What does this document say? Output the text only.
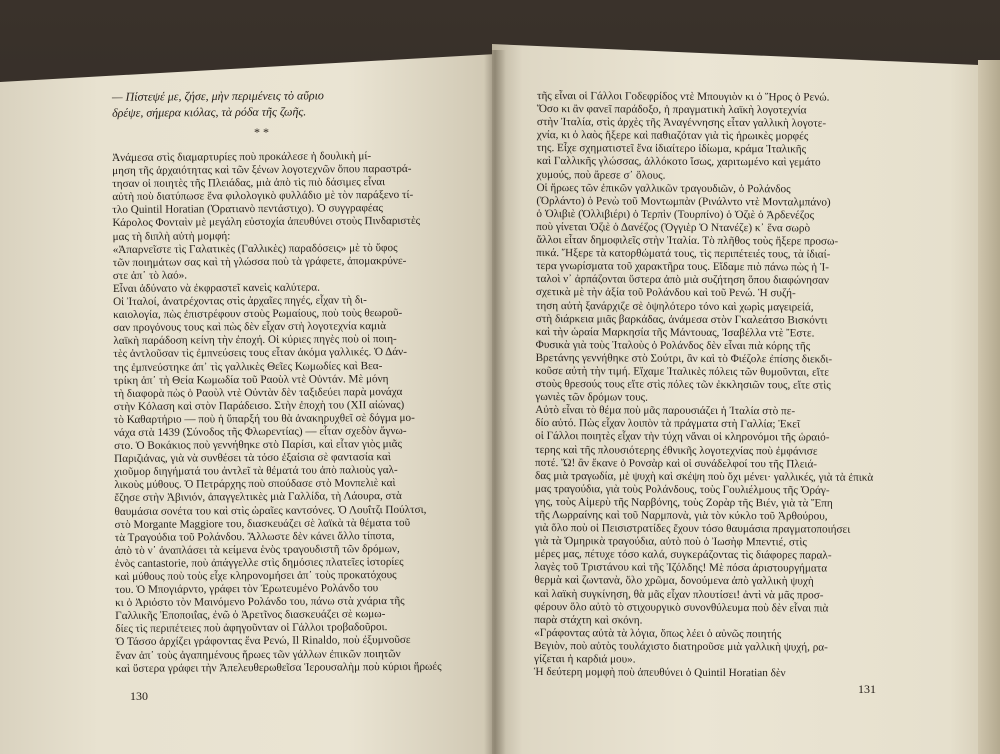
— Πίστεψέ με, ζήσε, μὴν περιμένεις τὸ αὔριο

δρέψε, σήμερα κιόλας, τὰ ρόδα τῆς ζωῆς.

* *

Ἀνάμεσα στὶς διαμαρτυρίες ποὺ προκάλεσε ἡ δουλικὴ μί-

μηση τῆς ἀρχαιότητας καὶ τῶν ξένων λογοτεχνῶν ὅπου παραστρά-

τησαν οἱ ποιητὲς τῆς Πλειάδας, μιὰ ἀπὸ τὶς πιὸ δάσιμες εἶναι

αὐτὴ ποὺ διατύπωσε ἕνα φιλολογικὸ φυλλάδιο μὲ τὸν παράξενο τί-

τλο Quintil Horatian (Ὀρατιανὸ πεντάστιχο). Ὁ συγγραφέας

Κάρολος Φονταὶν μὲ μεγάλη εὐστοχία ἀπευθύνει στοὺς Πινδαριστὲς

μας τὴ διπλὴ αὐτὴ μομφή:

«Ἀπαρνεῖστε τὶς Γαλατικὲς (Γαλλικὲς) παραδόσεις» μὲ τὸ ὕφος

τῶν ποιημάτων σας καὶ τὴ γλώσσα ποὺ τὰ γράφετε, ἀπομακρύνε-

στε ἀπ᾿ τὸ λαό».

Εἶναι ἀδύνατο νὰ ἐκφραστεῖ κανεὶς καλύτερα.

Οἱ Ἰταλοί, ἀνατρέχοντας στὶς ἀρχαῖες πηγές, εἶχαν τὴ δι-

καιολογία, πὼς ἐπιστρέφουν στοὺς Ρωμαίους, ποὺ τοὺς θεωροῦ-

σαν προγόνους τους καὶ πὼς δὲν εἶχαν στὴ λογοτεχνία καμιὰ

λαϊκὴ παράδοση κείνη τὴν ἐποχή. Οἱ κύριες πηγὲς ποὺ οἱ ποιη-

τὲς ἀντλοῦσαν τὶς ἐμπνεύσεις τους εἶταν ἀκόμα γαλλικές. Ὁ Δάν-

της ἐμπνεύστηκε ἀπ᾿ τὶς γαλλικὲς Θεῖες Κωμωδίες καὶ Βεα-

τρίκη ἀπ᾿ τὴ Θεία Κωμωδία τοῦ Ραοὺλ ντὲ Οὐντάν. Μὲ μόνη

τὴ διαφορὰ πὼς ὁ Ραοὺλ ντὲ Οὐντὰν δὲν ταξιδεύει παρὰ μονάχα

στὴν Κόλαση καὶ στὸν Παράδεισο. Στὴν ἐποχὴ του (ΧΙΙ αἰώνας)

τὸ Καθαρτήριο — ποὺ ἡ ὕπαρξή του θὰ ἀνακηρυχθεῖ σὲ δόγμα μο-

νάχα στὰ 1439 (Σύνοδος τῆς Φλωρεντίας) — εἶταν σχεδὸν ἄγνω-

στο. Ὁ Βοκάκιος ποὺ γεννήθηκε στὸ Παρίσι, καὶ εἶταν γιὸς μιᾶς

Παριζιάνας, γιὰ νὰ συνθέσει τὰ τόσο ἐξαίσια σὲ φαντασία καὶ

χιοῦμορ διηγήματά του ἀντλεῖ τὰ θέματά του ἀπὸ παλιοὺς γαλ-

λικοὺς μύθους. Ὁ Πετράρχης ποὺ σπούδασε στὸ Μονπελιὲ καὶ

ἔζησε στὴν Ἀβινιόν, ἀπαγγελτικὲς μιὰ Γαλλίδα, τὴ Λάουρα, στὰ

θαυμάσια σονέτα του καὶ στὶς ὡραῖες καντσόνες. Ὁ Λουΐτζι Πούλτσι,

στὸ Morgante Maggiore του, διασκευάζει σὲ λαϊκὰ τὰ θέματα τοῦ

τὰ Τραγούδια τοῦ Ρολάνδου. Ἄλλωστε δὲν κάνει ἄλλο τίποτα,

ἀπὸ τὸ ν᾿ ἀναπλάσει τὰ κείμενα ἑνὸς τραγουδιστῆ τῶν δρόμων,

ἑνὸς cantastorie, ποὺ ἀπάγγελλε στὶς δημόσιες πλατεῖες ἱστορίες

καὶ μύθους ποὺ τοὺς εἶχε κληρονομήσει ἀπ᾿ τοὺς προκατόχους

του. Ὁ Μπογιάρντο, γράφει τὸν Ἐρωτευμένο Ρολάνδο του

κι ὁ Ἀριόστο τὸν Μαινόμενο Ρολάνδο του, πάνω στὰ χνάρια τῆς

Γαλλικῆς Ἐποποιΐας, ἐνῶ ὁ Ἀρετῖνος διασκευάζει σὲ κωμω-

δίες τὶς περιπέτειες ποὺ ἀφηγοῦνταν οἱ Γάλλοι τροβαδοῦροι.

Ὁ Τάσσο ἀρχίζει γράφοντας ἕνα Ρενώ, Il Rinaldo, ποὺ ἐξυμνοῦσε

ἕναν ἀπ᾿ τοὺς ἀγαπημένους ἥρωες τῶν γάλλων ἐπικῶν ποιητῶν

καὶ ὕστερα γράφει τὴν Ἀπελευθερωθεῖσα Ἱερουσαλὴμ ποὺ κύριοι ἥρωές

τῆς εἶναι οἱ Γάλλοι Γοδεφρίδος ντὲ Μπουγιὸν κι ὁ Ἥρος ὁ Ρενώ.

Ὅσο κι ἂν φανεῖ παράδοξο, ἡ πραγματικὴ λαϊκὴ λογοτεχνία

στὴν Ἰταλία, στὶς ἀρχὲς τῆς Ἀναγέννησης εἶταν γαλλικὴ λογοτε-

χνία, κι ὁ λαὸς ἤξερε καὶ παθιαζόταν γιὰ τὶς ἡρωικὲς μορφές

της. Εἶχε σχηματιστεῖ ἕνα ἰδιαίτερο ἰδίωμα, κράμα Ἰταλικῆς

καὶ Γαλλικῆς γλώσσας, ἀλλόκοτο ἴσως, χαριτωμένο καὶ γεμάτο

χυμούς, ποὺ ἄρεσε σ᾿ ὅλους.

Οἱ ἥρωες τῶν ἐπικῶν γαλλικῶν τραγουδιῶν, ὁ Ρολάνδος

(Ὀρλάντο) ὁ Ρενὼ τοῦ Μοντωμπὰν (Ρινάλντο ντὲ Μονταλμπάνο)

ὁ Ὀλιβιὲ (Ὀλλιβιέρι) ὁ Τερπὶν (Τουρπίνο) ὁ Ὀζιὲ ὁ Ἀρδενέζος

ποὺ γίνεται Ὀζιὲ ὁ Δανέζος (Ὀγγιὲρ Ὁ Ντανέζε) κ᾿ ἕνα σωρὸ

ἄλλοι εἶταν δημοφιλεῖς στὴν Ἰταλία. Τὸ πλῆθος τοὺς ἤξερε προσω-

πικά. Ἤξερε τὰ κατορθώματά τους, τὶς περιπέτειές τους, τὰ ἰδιαί-

τερα γνωρίσματα τοῦ χαρακτῆρα τους. Εἴδαμε πιὸ πάνω πὼς ἡ Ἰ-

ταλοὶ ν᾿ ἀρπάζονται ὕστερα ἀπὸ μιὰ συζήτηση ὅπου διαφώνησαν

σχετικὰ μὲ τὴν ἀξία τοῦ Ρολάνδου καὶ τοῦ Ρενώ. Ἡ συζή-

τηση αὐτὴ ξανάρχιζε σὲ ὁψηλότερο τόνο καὶ χωρὶς μαγειρείά,

στὴ διάρκεια μιᾶς βαρκάδας, ἀνάμεσα στὸν Γκαλεάτσο Βισκόντι

καὶ τὴν ὡραία Μαρκησία τῆς Μάντουας, Ἰσαβέλλα ντὲ Ἔστε.

Φυσικὰ γιὰ τοὺς Ἰταλοὺς ὁ Ρολάνδος δὲν εἶναι πιὰ κόρης τῆς

Βρετάνης γεννήθηκε στὸ Σούτρι, ἂν καὶ τὸ Φιέζολε ἐπίσης διεκδι-

κοῦσε αὐτὴ τὴν τιμή. Εἴχαμε Ἰταλικὲς πόλεις τῶν θυμοῦνται, εἴτε

στοὺς θρεσούς τους εἴτε στὶς πόλες τῶν ἐκκλησιῶν τους, εἴτε στὶς

γωνιὲς τῶν δρόμων τους.

Αὐτὸ εἶναι τὸ θέμα ποὺ μᾶς παρουσιάζει ἡ Ἰταλία στὸ πε-

δίο αὐτό. Πὼς εἶχαν λοιπὸν τὰ πράγματα στὴ Γαλλία; Ἐκεῖ

οἱ Γάλλοι ποιητὲς εἶχαν τὴν τύχη νἄναι οἱ κληρονόμοι τῆς ὡραιό-

τερης καὶ τῆς πλουσιότερης ἐθνικῆς λογοτεχνίας ποὺ ἐμφάνισε

ποτέ. Ὤ! ἂν ἔκανε ὁ Ρονσὰρ καὶ οἱ συνάδελφοί του τῆς Πλειά-

δας μιὰ τραγωδία, μὲ ψυχὴ καὶ σκέψη ποὺ ὄχι μένει· γαλλικές, γιὰ τὰ ἐπικὰ

μας τραγούδια, γιὰ τοὺς Ρολάνδους, τοὺς Γουλιέλμους τῆς Ὀράγ-

γης, τοὺς Αἰμερὺ τῆς Ναρβόνης, τοὺς Ζορὰρ τῆς Βιέν, γιὰ τὰ Ἔπη

τῆς Λωρραίνης καὶ τοῦ Ναρμπονὰ, γιὰ τὸν κύκλο τοῦ Ἀρθούρου,

γιὰ ὅλο ποὺ οἱ Πεισιστρατίδες ἔχουν τόσο θαυμάσια πραγματοποιήσει

γιὰ τὰ Ὁμηρικὰ τραγούδια, αὐτὸ ποὺ ὁ Ἰωσὴφ Μπεντιέ, στὶς

μέρες μας, πέτυχε τόσο καλά, συγκεράζοντας τὶς διάφορες παραλ-

λαγὲς τοῦ Τριστάνου καὶ τῆς Ἰζόλδης! Μὲ πόσα ἀριστουργήματα

θερμὰ καὶ ζωντανὰ, ὅλο χρῶμα, δονούμενα ἀπὸ γαλλικὴ ψυχὴ

καὶ λαϊκὴ συγκίνηση, θὰ μᾶς εἶχαν πλουτίσει! ἀντὶ νὰ μᾶς προσ-

φέρουν ὅλο αὐτὸ τὸ στιχουργικὸ συνονθύλευμα ποὺ δὲν εἶναι πιὰ

παρὰ στάχτη καὶ σκόνη.

«Γράφοντας αὐτὰ τὰ λόγια, ὅπως λέει ὁ αὐνῶς ποιητής

Βεγιὸν, ποὺ αὐτὸς τουλάχιστο διατηροῦσε μιὰ γαλλικὴ ψυχή, ρα-

γίζεται ἡ καρδιά μου».

Ἡ δεύτερη μομφὴ ποὺ ἀπευθύνει ὁ Quintil Horatian δὲν

130	131
